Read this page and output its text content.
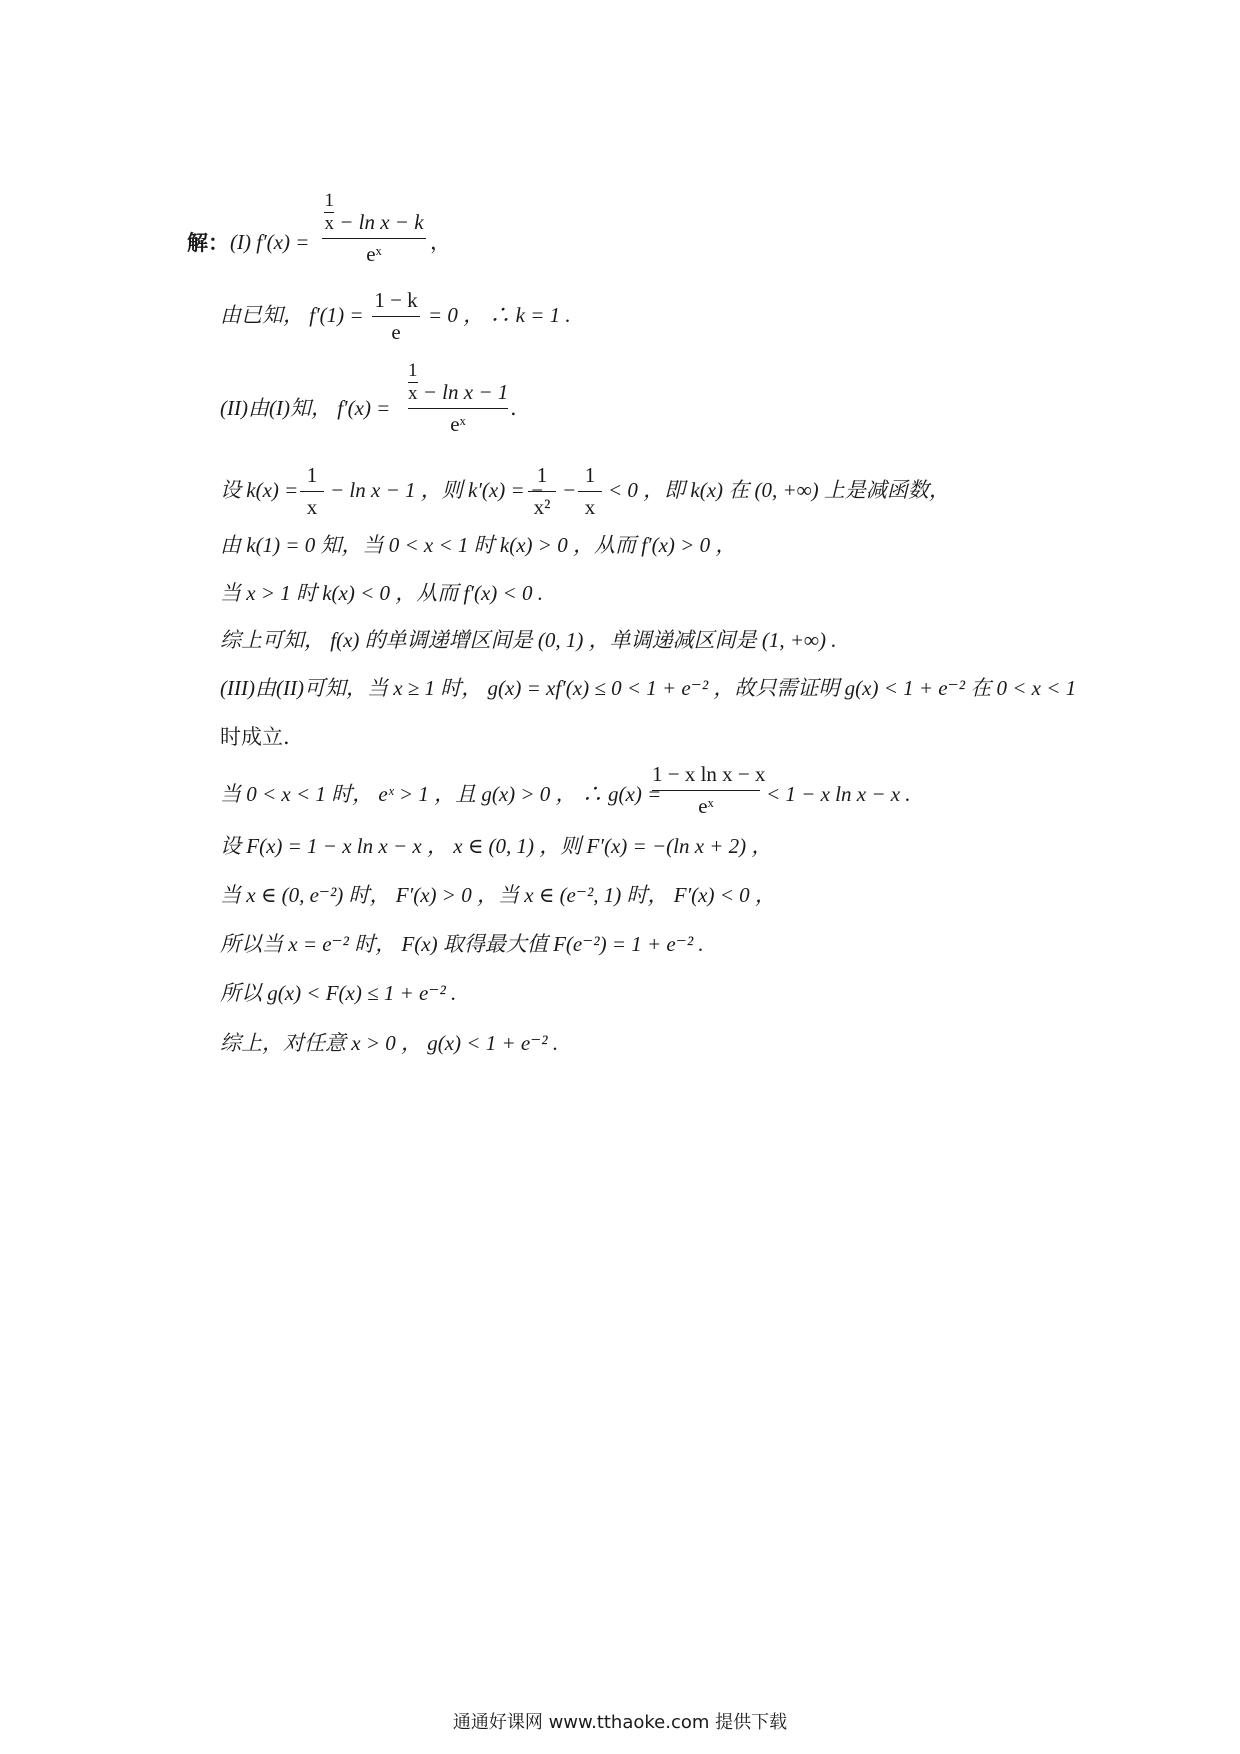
解： (I) f′(x) =
$\frac{1}{x} - \ln x - k$
eˣ	，
由已知， f′(1) =
1 − k
e
= 0 ， ∴ k = 1 .
(II)由(I)知， f′(x) =
$\frac{1}{x} - \ln x - 1$
eˣ
.
设 k(x) =
1
x
− ln x − 1 ，则 k′(x) = −
1
x²
−
1
x
< 0 ，即 k(x) 在 (0, +∞) 上是减函数，
由 k(1) = 0 知，当 0 < x < 1 时 k(x) > 0 ，从而 f′(x) > 0 ，
当 x > 1 时 k(x) < 0 ，从而 f′(x) < 0 .
综上可知， f(x) 的单调递增区间是 (0, 1) ，单调递减区间是 (1, +∞) .
(III)由(II)可知，当 x ≥ 1 时， g(x) = xf′(x) ≤ 0 < 1 + e⁻² ，故只需证明 g(x) < 1 + e⁻² 在 0 < x < 1
时成立.
当 0 < x < 1 时， eˣ > 1 ，且 g(x) > 0 ， ∴ g(x) =
1 − x ln x − x
eˣ	< 1 − x ln x − x .
设 F(x) = 1 − x ln x − x ， x ∈ (0, 1) ，则 F′(x) = −(ln x + 2) ，
当 x ∈ (0, e⁻²) 时， F′(x) > 0 ，当 x ∈ (e⁻², 1) 时， F′(x) < 0 ，
所以当 x = e⁻² 时， F(x) 取得最大值 F(e⁻²) = 1 + e⁻² .
所以 g(x) < F(x) ≤ 1 + e⁻² .
综上，对任意 x > 0 ， g(x) < 1 + e⁻² .
通通好课网 www.tthaoke.com 提供下载
